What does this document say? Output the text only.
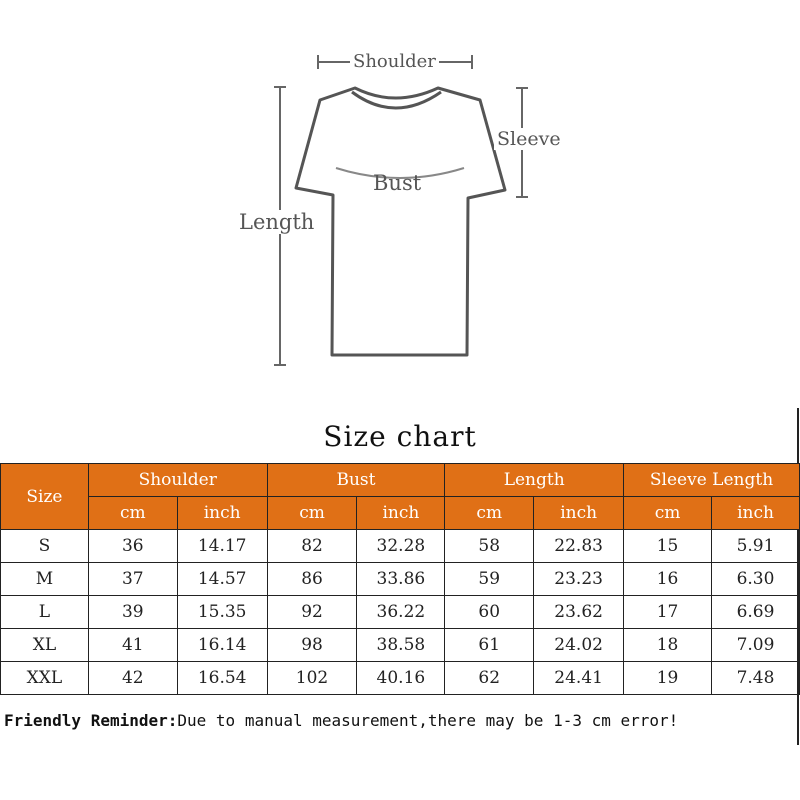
Shoulder
Sleeve
Bust
Length
Size chart
Size	Shoulder		Bust		Length		Sleeve Length	
	cm	inch	cm	inch	cm	inch	cm	inch
S	36	14.17	82	32.28	58	22.83	15	5.91
M	37	14.57	86	33.86	59	23.23	16	6.30
L	39	15.35	92	36.22	60	23.62	17	6.69
XL	41	16.14	98	38.58	61	24.02	18	7.09
XXL	42	16.54	102	40.16	62	24.41	19	7.48
Friendly Reminder:Due to manual measurement,there may be 1-3 cm error!
